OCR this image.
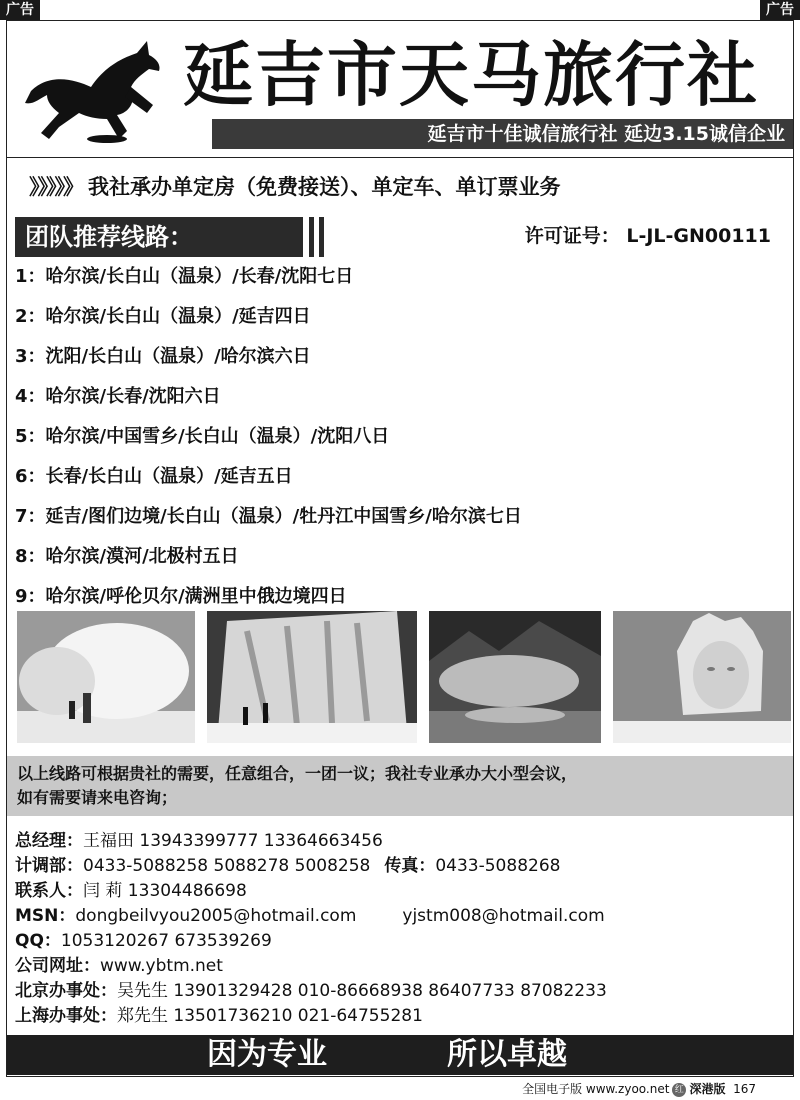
广告	广告
延吉市天马旅行社
延吉市十佳诚信旅行社 延边3.15诚信企业
》》》》》 我社承办单定房（免费接送）、单定车、单订票业务
团队推荐线路：	许可证号： L-JL-GN00111
1：哈尔滨/长白山（温泉）/长春/沈阳七日
2：哈尔滨/长白山（温泉）/延吉四日
3：沈阳/长白山（温泉）/哈尔滨六日
4：哈尔滨/长春/沈阳六日
5：哈尔滨/中国雪乡/长白山（温泉）/沈阳八日
6：长春/长白山（温泉）/延吉五日
7：延吉/图们边境/长白山（温泉）/牡丹江中国雪乡/哈尔滨七日
8：哈尔滨/漠河/北极村五日
9：哈尔滨/呼伦贝尔/满洲里中俄边境四日
以上线路可根据贵社的需要，任意组合，一团一议；我社专业承办大小型会议，
如有需要请来电咨询；
总经理：王福田 13943399777 13364663456
计调部：0433-5088258 5088278 5008258 传真：0433-5088268
联系人：闫 莉 13304486698
MSN：dongbeilvyou2005@hotmail.com	yjstm008@hotmail.com
QQ：1053120267 673539269
公司网址：www.ybtm.net
北京办事处：吴先生 13901329428 010-86668938 86407733 87082233
上海办事处：郑先生 13501736210 021-64755281
因为专业	所以卓越
全国电子版 www.zyoo.net 红 深港版 167
